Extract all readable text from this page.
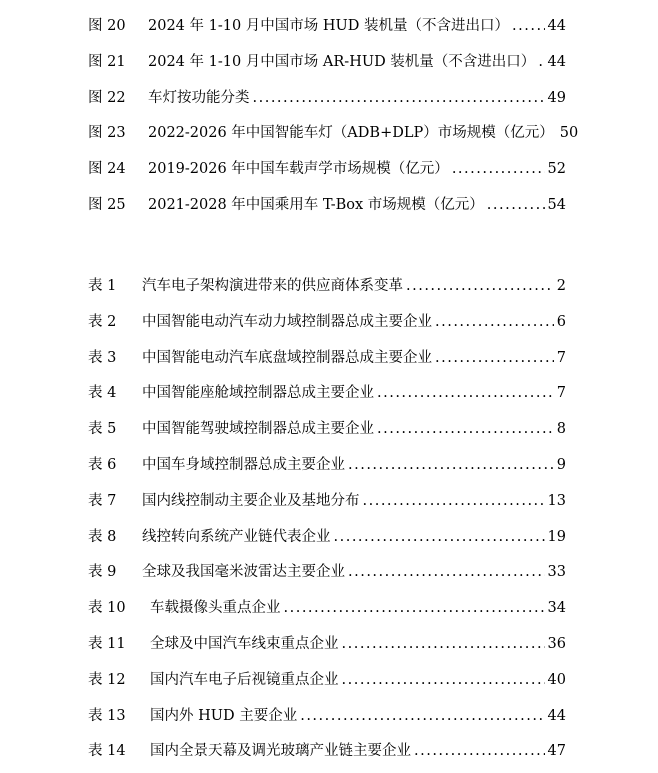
图 20	2024 年 1-10 月中国市场 HUD 装机量（不含进出口） .....	44
图 21	2024 年 1-10 月中国市场 AR-HUD 装机量（不含进出口） ..... 44
图 22	车灯按功能分类 .....	49
图 23	2022-2026 年中国智能车灯（ADB+DLP）市场规模（亿元） 50
图 24	2019-2026 年中国车载声学市场规模（亿元） .....	52
图 25	2021-2028 年中国乘用车 T-Box 市场规模（亿元） .....	54
表 1	汽车电子架构演进带来的供应商体系变革 .....	2
表 2	中国智能电动汽车动力域控制器总成主要企业 .....	6
表 3	中国智能电动汽车底盘域控制器总成主要企业 .....	7
表 4	中国智能座舱域控制器总成主要企业 .....	7
表 5	中国智能驾驶域控制器总成主要企业 .....	8
表 6	中国车身域控制器总成主要企业 .....	9
表 7	国内线控制动主要企业及基地分布 .....	13
表 8	线控转向系统产业链代表企业 .....	19
表 9	全球及我国毫米波雷达主要企业 .....	33
表 10	车载摄像头重点企业 .....	34
表 11	全球及中国汽车线束重点企业 .....	36
表 12	国内汽车电子后视镜重点企业 .....	40
表 13	国内外 HUD 主要企业 .....	44
表 14	国内全景天幕及调光玻璃产业链主要企业 .....	47
